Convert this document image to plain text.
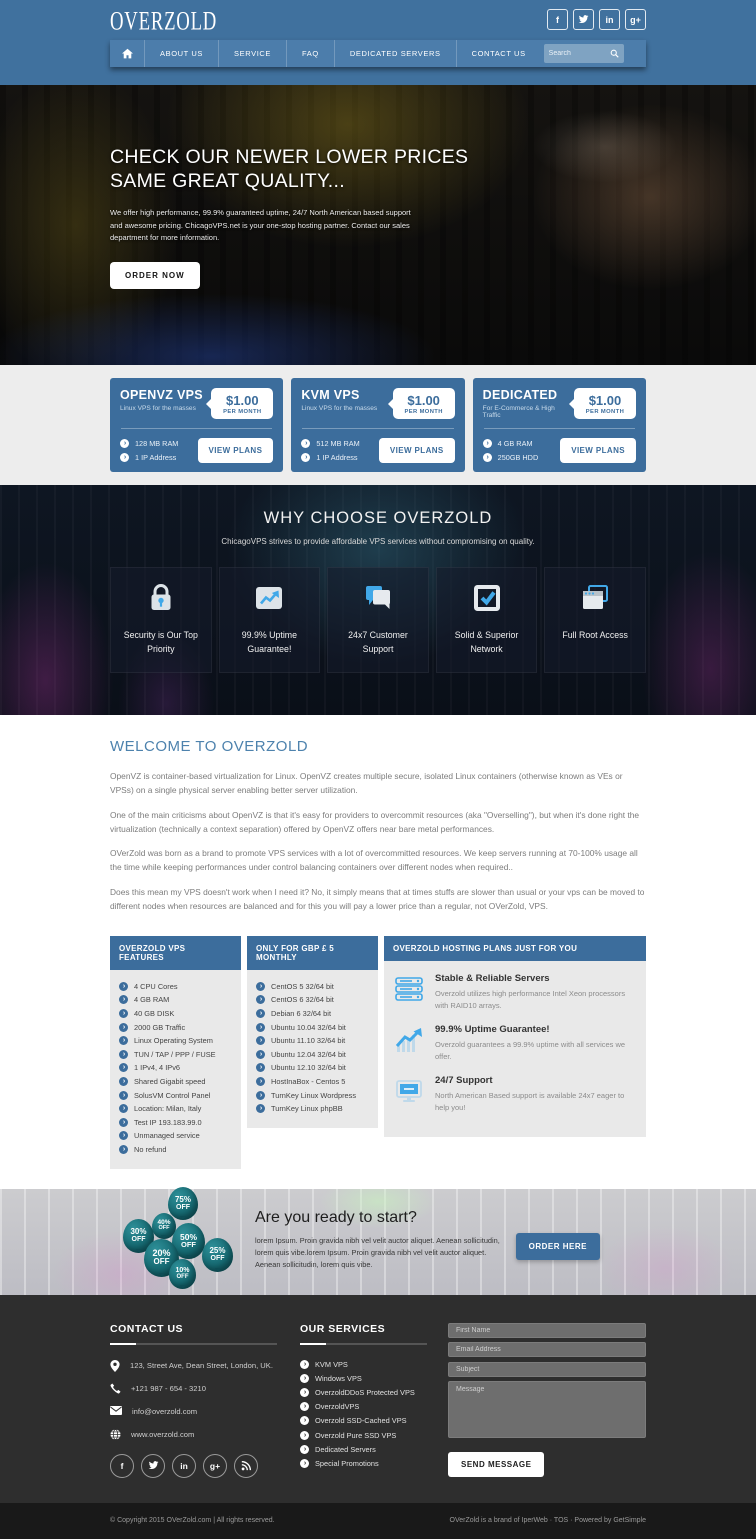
OVERZOLD	f	in	g+
ABOUT US	SERVICE	FAQ	DEDICATED SERVERS	CONTACT US
Search
CHECK OUR NEWER LOWER PRICES
SAME GREAT QUALITY...
We offer high performance, 99.9% guaranteed uptime, 24/7 North American based support and awesome pricing. ChicagoVPS.net is your one-stop hosting partner. Contact our sales department for more information.
ORDER NOW
OPENVZ VPS
Linux VPS for the masses
$1.00
PER MONTH
›	128 MB RAM
›	1 IP Address
VIEW PLANS
KVM VPS
Linux VPS for the masses
$1.00
PER MONTH
›	512 MB RAM
›	1 IP Address
VIEW PLANS
DEDICATED
For E-Commerce & High Traffic
$1.00
PER MONTH
›	4 GB RAM
›	250GB HDD
VIEW PLANS
WHY CHOOSE OVERZOLD
ChicagoVPS strives to provide affordable VPS services without compromising on quality.
Security is Our Top Priority
99.9% Uptime Guarantee!
24x7 Customer Support
Solid & Superior Network
Full Root Access
WELCOME TO OVERZOLD

OpenVZ is container-based virtualization for Linux. OpenVZ creates multiple secure, isolated Linux containers (otherwise known as VEs or VPSs) on a single physical server enabling better server utilization.

One of the main criticisms about OpenVZ is that it's easy for providers to overcommit resources (aka "Overselling"), but when it's done right the virtualization (technically a context separation) offered by OpenVZ offers near bare metal performances.

OVerZold was born as a brand to promote VPS services with a lot of overcommitted resources. We keep servers running at 70-100% usage all the time while keeping performances under control balancing containers over different nodes when required..

Does this mean my VPS doesn't work when I need it? No, it simply means that at times stuffs are slower than usual or your vps can be moved to different nodes when resources are balanced and for this you will pay a lower price than a regular, not OVerZold, VPS.

OVERZOLD VPS FEATURES
›	4 CPU Cores
›	4 GB RAM
›	40 GB DISK
›	2000 GB Traffic
›	Linux Operating System
›	TUN / TAP / PPP / FUSE
›	1 IPv4, 4 IPv6
›	Shared Gigabit speed
›	SolusVM Control Panel
›	Location: Milan, Italy
›	Test IP 193.183.99.0
›	Unmanaged service
›	No refund
ONLY FOR GBP £ 5 MONTHLY
›	CentOS 5 32/64 bit
›	CentOS 6 32/64 bit
›	Debian 6 32/64 bit
›	Ubuntu 10.04 32/64 bit
›	Ubuntu 11.10 32/64 bit
›	Ubuntu 12.04 32/64 bit
›	Ubuntu 12.10 32/64 bit
›	HostInaBox - Centos 5
›	TurnKey Linux Wordpress
›	TurnKey Linux phpBB
OVERZOLD HOSTING PLANS JUST FOR YOU
Stable & Reliable Servers
Overzold utilizes high performance Intel Xeon processors with RAID10 arrays.
99.9% Uptime Guarantee!
Overzold guarantees a 99.9% uptime with all services we offer.
24/7 Support
North American Based support is available 24x7 eager to help you!
75%
OFF
40%
OFF
30%
OFF	50%
OFF
20%
OFF
25%
OFF
10%
OFF
Are you ready to start?
lorem Ipsum. Proin gravida nibh vel velit auctor aliquet. Aenean sollicitudin, lorem quis vibe.lorem Ipsum. Proin gravida nibh vel velit auctor aliquet. Aenean sollicitudin, lorem quis vibe.
ORDER HERE
CONTACT US
123, Street Ave, Dean Street, London, UK.
+121 987 - 654 - 3210
info@overzold.com
www.overzold.com
f	in	g+
OUR SERVICES
›	KVM VPS
›	Windows VPS
›	OverzoldDDoS Protected VPS
›	OverzoldVPS
›	Overzold SSD-Cached VPS
›	Overzold Pure SSD VPS
›	Dedicated Servers
›	Special Promotions
First Name
Email Address
Subject
Message	SEND MESSAGE
© Copyright 2015 OVerZold.com | All rights reserved.	OVerZold is a brand of IperWeb · TOS · Powered by GetSimple
